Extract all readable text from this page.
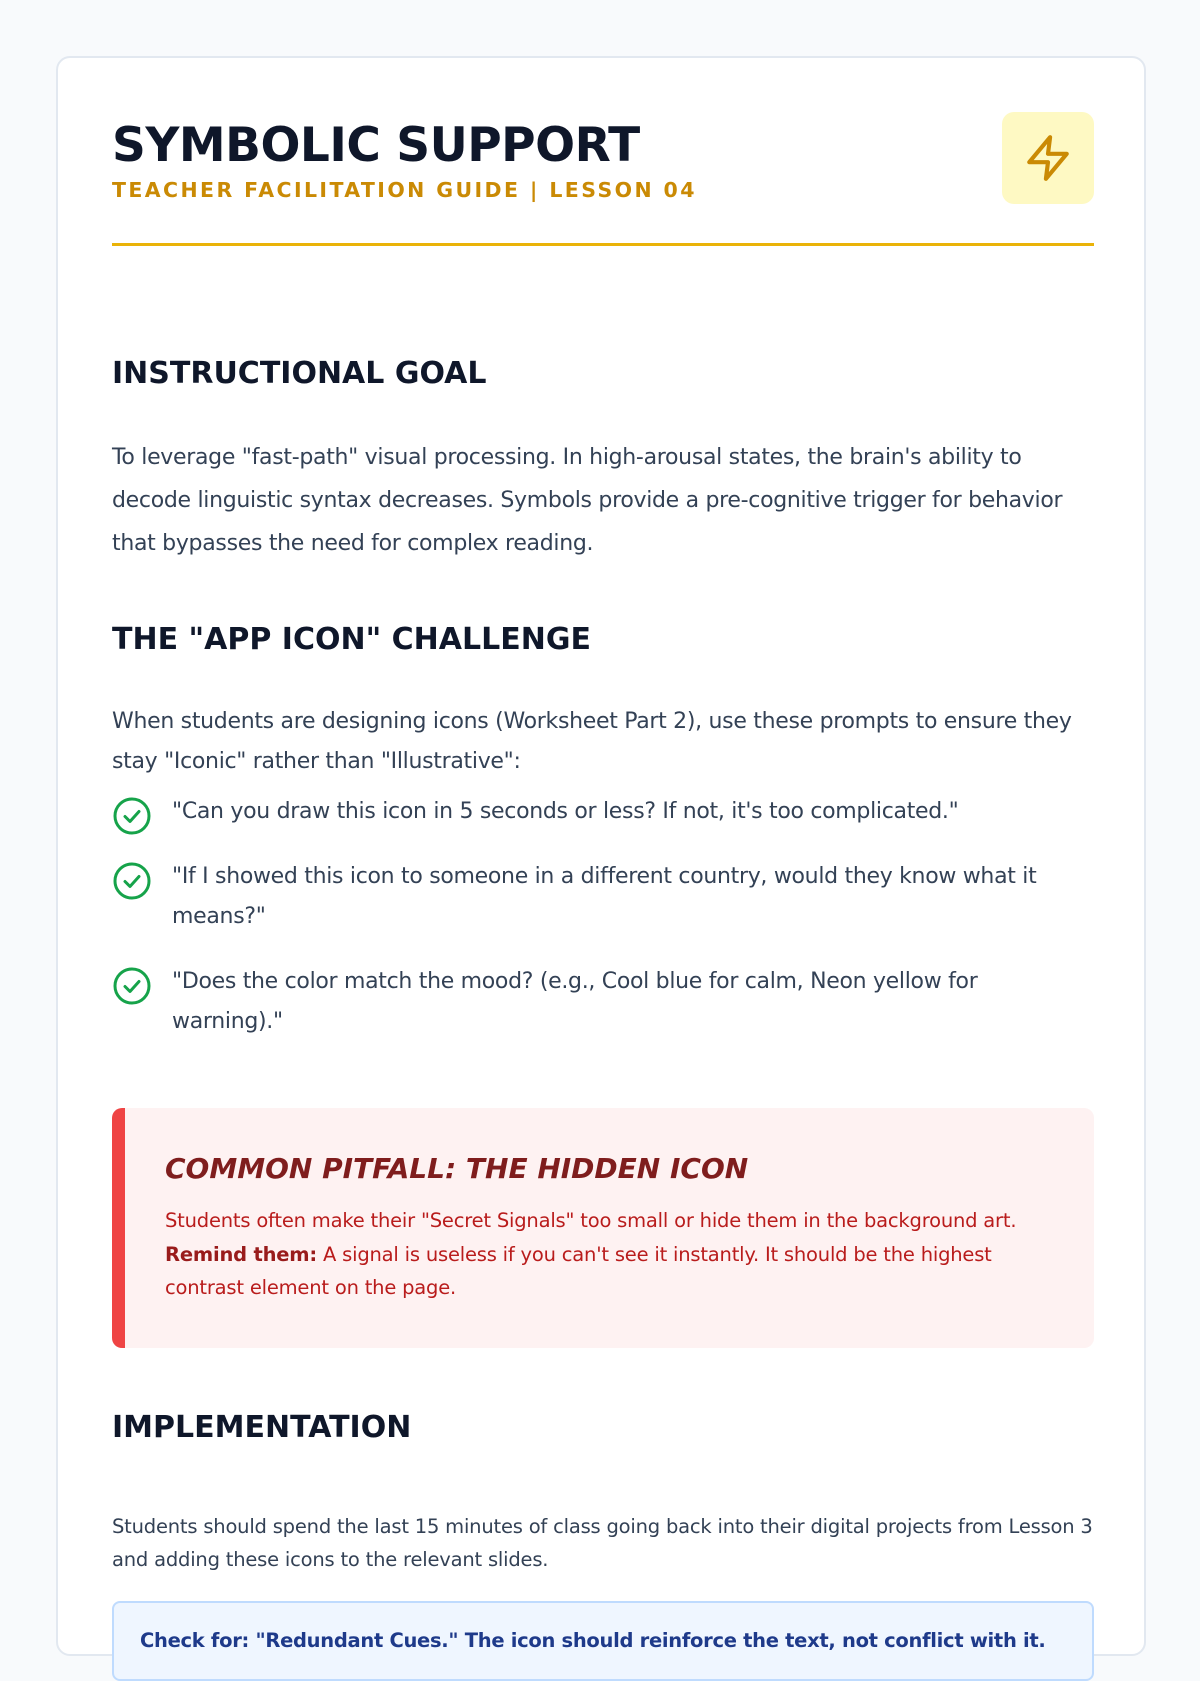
SYMBOLIC SUPPORT
TEACHER FACILITATION GUIDE | LESSON 04
INSTRUCTIONAL GOAL
To leverage "fast-path" visual processing. In high-arousal states, the brain's ability to decode linguistic syntax decreases. Symbols provide a pre-cognitive trigger for behavior that bypasses the need for complex reading.
THE "APP ICON" CHALLENGE
When students are designing icons (Worksheet Part 2), use these prompts to ensure they stay "Iconic" rather than "Illustrative":
"Can you draw this icon in 5 seconds or less? If not, it's too complicated."
"If I showed this icon to someone in a different country, would they know what it means?"
"Does the color match the mood? (e.g., Cool blue for calm, Neon yellow for warning)."
COMMON PITFALL: THE HIDDEN ICON
Students often make their "Secret Signals" too small or hide them in the background art. Remind them: A signal is useless if you can't see it instantly. It should be the highest contrast element on the page.
IMPLEMENTATION
Students should spend the last 15 minutes of class going back into their digital projects from Lesson 3 and adding these icons to the relevant slides.
Check for: "Redundant Cues." The icon should reinforce the text, not conflict with it.
